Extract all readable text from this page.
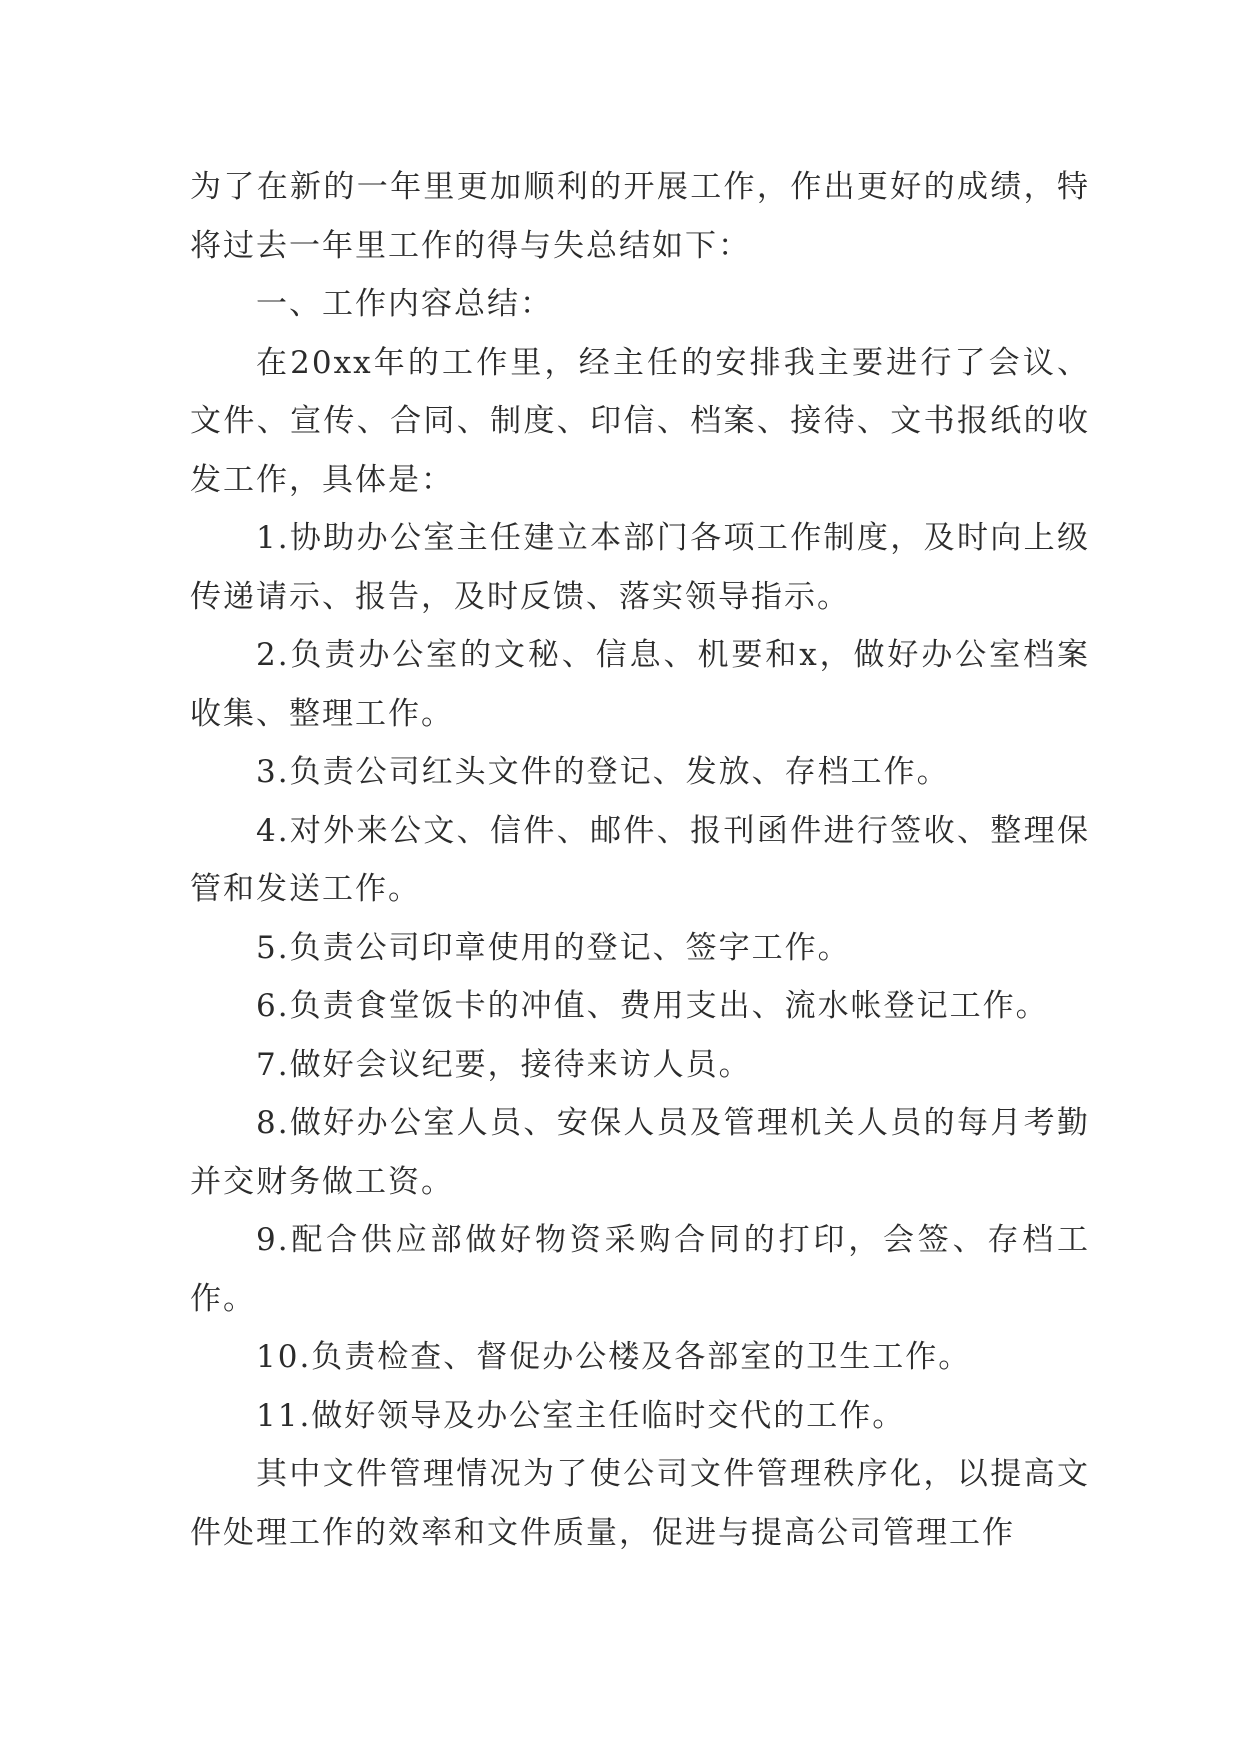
为了在新的一年里更加顺利的开展工作，作出更好的成绩，特将过去一年里工作的得与失总结如下：

一、工作内容总结：

在20xx年的工作里，经主任的安排我主要进行了会议、文件、宣传、合同、制度、印信、档案、接待、文书报纸的收发工作，具体是：

1.协助办公室主任建立本部门各项工作制度，及时向上级传递请示、报告，及时反馈、落实领导指示。

2.负责办公室的文秘、信息、机要和x，做好办公室档案收集、整理工作。

3.负责公司红头文件的登记、发放、存档工作。

4.对外来公文、信件、邮件、报刊函件进行签收、整理保管和发送工作。

5.负责公司印章使用的登记、签字工作。

6.负责食堂饭卡的冲值、费用支出、流水帐登记工作。

7.做好会议纪要，接待来访人员。

8.做好办公室人员、安保人员及管理机关人员的每月考勤并交财务做工资。

9.配合供应部做好物资采购合同的打印，会签、存档工作。

10.负责检查、督促办公楼及各部室的卫生工作。

11.做好领导及办公室主任临时交代的工作。

其中文件管理情况为了使公司文件管理秩序化，以提高文件处理工作的效率和文件质量，促进与提高公司管理工作
